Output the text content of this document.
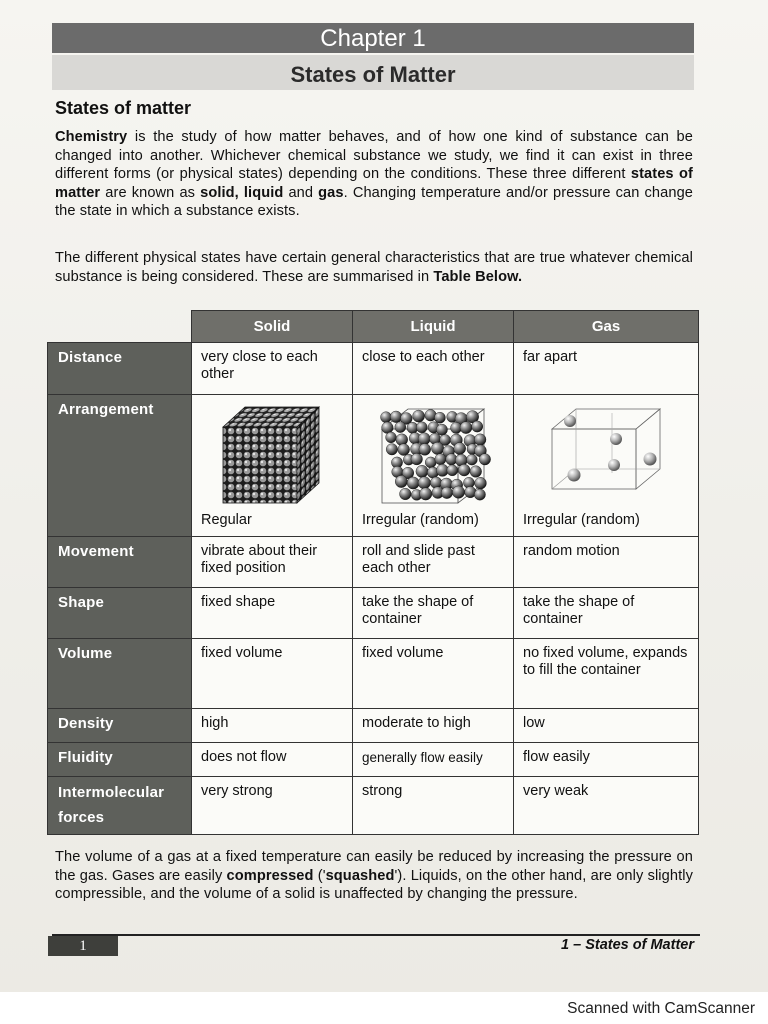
Chapter 1
States of Matter
States of matter
Chemistry is the study of how matter behaves, and of how one kind of substance can be changed into another. Whichever chemical substance we study, we find it can exist in three different forms (or physical states) depending on the conditions. These three different states of matter are known as solid, liquid and gas. Changing temperature and/or pressure can change the state in which a substance exists.
The different physical states have certain general characteristics that are true whatever chemical substance is being considered. These are summarised in Table Below.
	Solid	Liquid	Gas
Distance	very close to each other	close to each other	far apart
Arrangement	Regular	Irregular (random)	Irregular (random)

Movement	vibrate about their fixed position	roll and slide past each other	random motion
Shape	fixed shape	take the shape of container	take the shape of container
Volume	fixed volume	fixed volume	no fixed volume, expands to fill the container
Density	high	moderate to high	low
Fluidity	does not flow	generally flow easily	flow easily
Intermolecular forces	very strong	strong	very weak
The volume of a gas at a fixed temperature can easily be reduced by increasing the pressure on the gas. Gases are easily compressed ('squashed'). Liquids, on the other hand, are only slightly compressible, and the volume of a solid is unaffected by changing the pressure.
1	1 – States of Matter
Scanned with CamScanner
